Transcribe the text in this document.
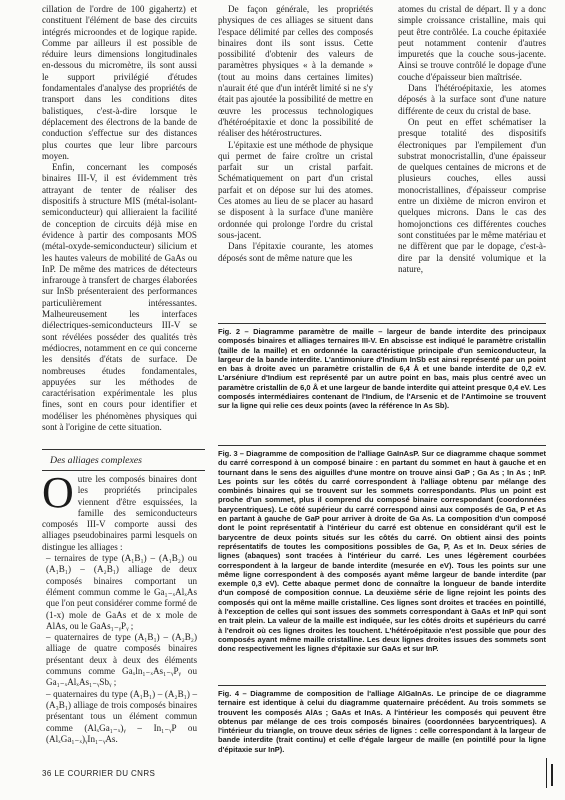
cillation de l'ordre de 100 gigahertz) et constituent l'élément de base des circuits intégrés microondes et de logique rapide. Comme par ailleurs il est possible de réduire leurs dimensions longitudinales en-dessous du micromètre, ils sont aussi le support privilégié d'études fondamentales d'analyse des propriétés de transport dans les conditions dites balistiques, c'est-à-dire lorsque le déplacement des électrons de la bande de conduction s'effectue sur des distances plus courtes que leur libre parcours moyen.

Enfin, concernant les composés binaires III-V, il est évidemment très attrayant de tenter de réaliser des dispositifs à structure MIS (métal-isolant-semiconducteur) qui allieraient la facilité de conception de circuits déjà mise en évidence à partir des composants MOS (métal-oxyde-semiconducteur) silicium et les hautes valeurs de mobilité de GaAs ou InP. De même des matrices de détecteurs infrarouge à transfert de charges élaborées sur InSb présenteraient des performances particulièrement intéressantes. Malheureusement les interfaces diélectriques-semiconducteurs III-V se sont révélées posséder des qualités très médiocres, notamment en ce qui concerne les densités d'états de surface. De nombreuses études fondamentales, appuyées sur les méthodes de caractérisation expérimentale les plus fines, sont en cours pour identifier et modéliser les phénomènes physiques qui sont à l'origine de cette situation.

Des alliages complexes

Outre les composés binaires dont les propriétés principales viennent d'être esquissées, la famille des semiconducteurs composés III-V comporte aussi des alliages pseudobinaires parmi lesquels on distingue les alliages :

– ternaires de type (A₁B₁) – (A₁B₂) ou (A₁B₁) – (A₂B₁) alliage de deux composés binaires comportant un élément commun comme le Ga₁₋ₓAlₓAs que l'on peut considérer comme formé de (1-x) mole de GaAs et de x mole de AlAs, ou le GaAs₁₋ᵧPᵧ ;

– quaternaires de type (A₁B₁) – (A₂B₂) alliage de quatre composés binaires présentant deux à deux des éléments communs comme Gaₓln₁₋ₓAs₁₋ᵧPᵧ ou Ga₁₋ₓAlₓAs₁₋ᵧSbᵧ ;

– quaternaires du type (A₁B₁) – (A₂B₁) – (A₃B₁) alliage de trois composés binaires présentant tous un élément commun comme (AlₓGa₁₋ₓ)ᵧ – In₁₋ᵧP ou (AlₓGa₁₋ₓ)ᵧIn₁₋ᵧAs.

De façon générale, les propriétés physiques de ces alliages se situent dans l'espace délimité par celles des composés binaires dont ils sont issus. Cette possibilité d'obtenir des valeurs de paramètres physiques « à la demande » (tout au moins dans certaines limites) n'aurait été que d'un intérêt limité si ne s'y était pas ajoutée la possibilité de mettre en œuvre les processus technologiques d'hétéroépitaxie et donc la possibilité de réaliser des hétérostructures.

L'épitaxie est une méthode de physique qui permet de faire croître un cristal parfait sur un cristal parfait. Schématiquement on part d'un cristal parfait et on dépose sur lui des atomes. Ces atomes au lieu de se placer au hasard se disposent à la surface d'une manière ordonnée qui prolonge l'ordre du cristal sous-jacent.

Dans l'épitaxie courante, les atomes déposés sont de même nature que les

atomes du cristal de départ. Il y a donc simple croissance cristalline, mais qui peut être contrôlée. La couche épitaxiée peut notamment contenir d'autres impuretés que la couche sous-jacente. Ainsi se trouve contrôlé le dopage d'une couche d'épaisseur bien maîtrisée.

Dans l'hétéroépitaxie, les atomes déposés à la surface sont d'une nature différente de ceux du cristal de base.

On peut en effet schématiser la presque totalité des dispositifs électroniques par l'empilement d'un substrat monocristallin, d'une épaisseur de quelques centaines de microns et de plusieurs couches, elles aussi monocristallines, d'épaisseur comprise entre un dixième de micron environ et quelques microns. Dans le cas des homojonctions ces différentes couches sont constituées par le même matériau et ne diffèrent que par le dopage, c'est-à-dire par la densité volumique et la nature,

Fig. 2 – Diagramme paramètre de maille – largeur de bande interdite des principaux composés binaires et alliages ternaires III-V. En abscisse est indiqué le paramètre cristallin (taille de la maille) et en ordonnée la caractéristique principale d'un semiconducteur, la largeur de la bande interdite. L'antimoniure d'Indium InSb est ainsi représenté par un point en bas à droite avec un paramètre cristallin de 6,4 Å et une bande interdite de 0,2 eV. L'arséniure d'Indium est représenté par un autre point en bas, mais plus centré avec un paramètre cristallin de 6,0 Å et une largeur de bande interdite qui atteint presque 0,4 eV. Les composés intermédiaires contenant de l'Indium, de l'Arsenic et de l'Antimoine se trouvent sur la ligne qui relie ces deux points (avec la référence In As Sb).
Fig. 3 – Diagramme de composition de l'alliage GaInAsP. Sur ce diagramme chaque sommet du carré correspond à un composé binaire : en partant du sommet en haut à gauche et en tournant dans le sens des aiguilles d'une montre on trouve ainsi GaP ; Ga As ; In As ; InP. Les points sur les côtés du carré correspondent à l'alliage obtenu par mélange des combinés binaires qui se trouvent sur les sommets correspondants. Plus un point est proche d'un sommet, plus il comprend du composé binaire correspondant (coordonnées barycentriques). Le côté supérieur du carré correspond ainsi aux composés de Ga, P et As en partant à gauche de GaP pour arriver à droite de Ga As. La composition d'un composé dont le point représentatif à l'intérieur du carré est obtenue en considérant qu'il est le barycentre de deux points situés sur les côtés du carré. On obtient ainsi des points représentatifs de toutes les compositions possibles de Ga, P, As et In. Deux séries de lignes (abaques) sont tracées à l'intérieur du carré. Les unes légèrement courbées correspondent à la largeur de bande interdite (mesurée en eV). Tous les points sur une même ligne correspondent à des composés ayant même largeur de bande interdite (par exemple 0,3 eV). Cette abaque permet donc de connaître la longueur de bande interdite d'un composé de composition connue. La deuxième série de ligne rejoint les points des composés qui ont la même maille cristalline. Ces lignes sont droites et tracées en pointillé, à l'exception de celles qui sont issues des sommets correspondant à GaAs et InP qui sont en trait plein. La valeur de la maille est indiquée, sur les côtés droits et supérieurs du carré à l'endroit où ces lignes droites les touchent. L'hétéroépitaxie n'est possible que pour des composés ayant même maille cristalline. Les deux lignes droites issues des sommets sont donc respectivement les lignes d'épitaxie sur GaAs et sur InP.
Fig. 4 – Diagramme de composition de l'alliage AlGaInAs. Le principe de ce diagramme ternaire est identique à celui du diagramme quaternaire précédent. Au trois sommets se trouvent les composés AlAs ; GaAs et InAs. A l'intérieur les composés qui peuvent être obtenus par mélange de ces trois composés binaires (coordonnées barycentriques). A l'intérieur du triangle, on trouve deux séries de lignes : celle correspondant à la largeur de bande interdite (trait continu) et celle d'égale largeur de maille (en pointillé pour la ligne d'épitaxie sur InP).
36 LE COURRIER DU CNRS
